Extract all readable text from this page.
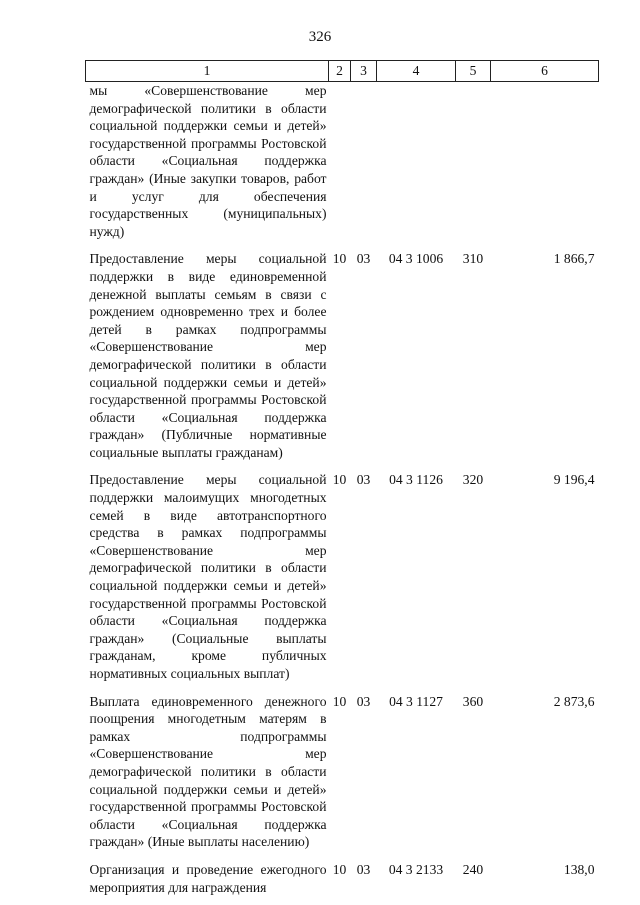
326
1	2	3	4	5	6
мы «Совершенствование мер демографической политики в области социальной поддержки семьи и детей» государственной программы Ростовской области «Социальная поддержка граждан» (Иные закупки товаров, работ и услуг для обеспечения государственных (муниципальных) нужд)					
Предоставление меры социальной поддержки в виде единовременной денежной выплаты семьям в связи с рождением одновременно трех и более детей в рамках подпрограммы «Совершенствование мер демографической политики в области социальной поддержки семьи и детей» государственной программы Ростовской области «Социальная поддержка граждан» (Публичные нормативные социальные выплаты гражданам)	10	03	04 3 1006	310	1 866,7
Предоставление меры социальной поддержки малоимущих многодетных семей в виде автотранспортного средства в рамках подпрограммы «Совершенствование мер демографической политики в области социальной поддержки семьи и детей» государственной программы Ростовской области «Социальная поддержка граждан» (Социальные выплаты гражданам, кроме публичных нормативных социальных выплат)	10	03	04 3 1126	320	9 196,4
Выплата единовременного денежного поощрения многодетным матерям в рамках подпрограммы «Совершенствование мер демографической политики в области социальной поддержки семьи и детей» государственной программы Ростовской области «Социальная поддержка граждан» (Иные выплаты населению)	10	03	04 3 1127	360	2 873,6
Организация и проведение ежегодного мероприятия для награждения	10	03	04 3 2133	240	138,0
